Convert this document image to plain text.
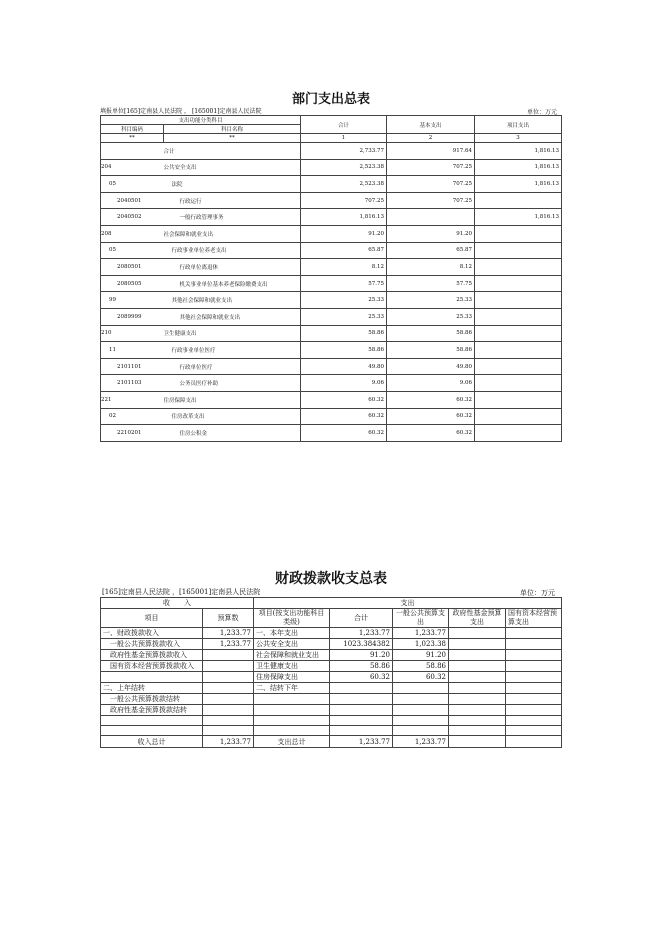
部门支出总表
填报单位[165]定南县人民法院 ， [165001]定南县人民法院	单位：万元
支出功能分类科目		合计	基本支出	项目支出
科目编码	科目名称			
**	**	1	2	3
	合计	2,733.77	917.64	1,816.13
204	公共安全支出	2,523.38	707.25	1,816.13
05	法院	2,523.38	707.25	1,816.13
2040501	行政运行	707.25	707.25	
2040502	一般行政管理事务	1,816.13		1,816.13
208	社会保障和就业支出	91.20	91.20	
05	行政事业单位养老支出	65.87	65.87	
2080501	行政单位离退休	8.12	8.12	
2080505	机关事业单位基本养老保险缴费支出	57.75	57.75	
99	其他社会保障和就业支出	25.33	25.33	
2089999	其他社会保障和就业支出	25.33	25.33	
210	卫生健康支出	58.86	58.86	
11	行政事业单位医疗	58.86	58.86	
2101101	行政单位医疗	49.80	49.80	
2101103	公务员医疗补助	9.06	9.06	
221	住房保障支出	60.32	60.32	
02	住房改革支出	60.32	60.32	
2210201	住房公积金	60.32	60.32	
财政拨款收支总表
[165]定南县人民法院 ，[165001]定南县人民法院	单位：万元
收　　入		支出				
项目	预算数	项目(按支出功能科目类级)	合计	一般公共预算支出	政府性基金预算支出	国有资本经营预算支出
一、财政拨款收入	1,233.77	一、本年支出	1,233.77	1,233.77		
　一般公共预算拨款收入	1,233.77	公共安全支出	1023.384382	1,023.38		
　政府性基金预算拨款收入		社会保障和就业支出	91.20	91.20		
　国有资本经营预算拨款收入		卫生健康支出	58.86	58.86		
		住房保障支出	60.32	60.32		
二、上年结转		二、结转下年				
　一般公共预算拨款结转						
　政府性基金预算拨款结转						

收入总计	1,233.77	支出总计	1,233.77	1,233.77		
